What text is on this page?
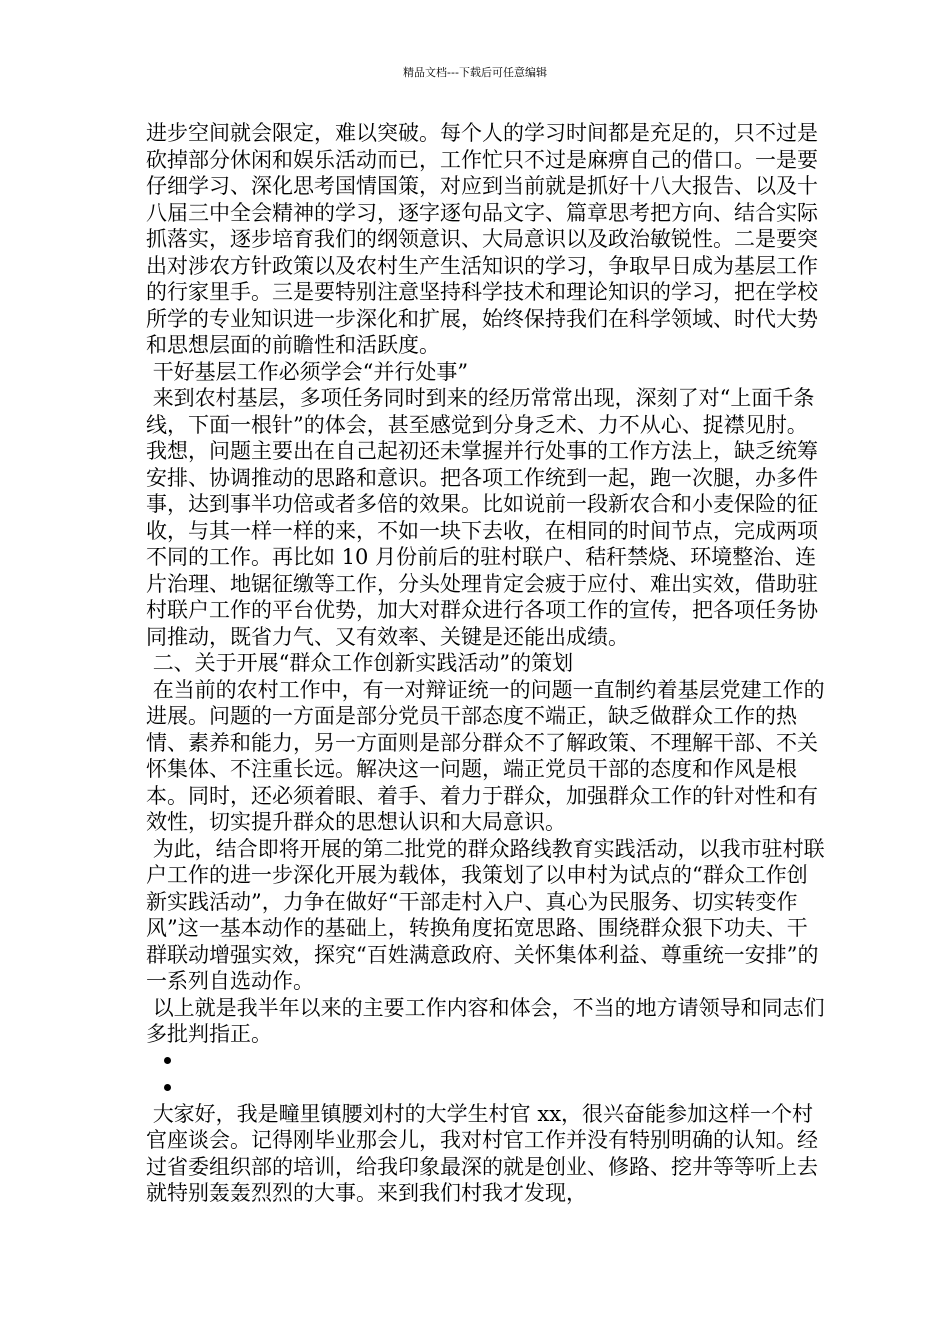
精品文档---下载后可任意编辑

进步空间就会限定，难以突破。每个人的学习时间都是充足的，只不过是砍掉部分休闲和娱乐活动而已，工作忙只不过是麻痹自己的借口。一是要仔细学习、深化思考国情国策，对应到当前就是抓好十八大报告、以及十八届三中全会精神的学习，逐字逐句品文字、篇章思考把方向、结合实际抓落实，逐步培育我们的纲领意识、大局意识以及政治敏锐性。二是要突出对涉农方针政策以及农村生产生活知识的学习，争取早日成为基层工作的行家里手。三是要特别注意坚持科学技术和理论知识的学习，把在学校所学的专业知识进一步深化和扩展，始终保持我们在科学领域、时代大势和思想层面的前瞻性和活跃度。

干好基层工作必须学会“并行处事”

来到农村基层，多项任务同时到来的经历常常出现，深刻了对“上面千条线，下面一根针”的体会，甚至感觉到分身乏术、力不从心、捉襟见肘。我想，问题主要出在自己起初还未掌握并行处事的工作方法上，缺乏统筹安排、协调推动的思路和意识。把各项工作统到一起，跑一次腿，办多件事，达到事半功倍或者多倍的效果。比如说前一段新农合和小麦保险的征收，与其一样一样的来，不如一块下去收，在相同的时间节点，完成两项不同的工作。再比如 10 月份前后的驻村联户、秸秆禁烧、环境整治、连片治理、地锯征缴等工作，分头处理肯定会疲于应付、难出实效，借助驻村联户工作的平台优势，加大对群众进行各项工作的宣传，把各项任务协同推动，既省力气、又有效率、关键是还能出成绩。

二、关于开展“群众工作创新实践活动”的策划

在当前的农村工作中，有一对辩证统一的问题一直制约着基层党建工作的进展。问题的一方面是部分党员干部态度不端正，缺乏做群众工作的热情、素养和能力，另一方面则是部分群众不了解政策、不理解干部、不关怀集体、不注重长远。解决这一问题，端正党员干部的态度和作风是根本。同时，还必须着眼、着手、着力于群众，加强群众工作的针对性和有效性，切实提升群众的思想认识和大局意识。

为此，结合即将开展的第二批党的群众路线教育实践活动，以我市驻村联户工作的进一步深化开展为载体，我策划了以申村为试点的“群众工作创新实践活动”，力争在做好“干部走村入户、真心为民服务、切实转变作风”这一基本动作的基础上，转换角度拓宽思路、围绕群众狠下功夫、干群联动增强实效，探究“百姓满意政府、关怀集体利益、尊重统一安排”的一系列自选动作。

以上就是我半年以来的主要工作内容和体会，不当的地方请领导和同志们多批判指正。

大家好，我是疃里镇腰刘村的大学生村官 xx，很兴奋能参加这样一个村官座谈会。记得刚毕业那会儿，我对村官工作并没有特别明确的认知。经过省委组织部的培训，给我印象最深的就是创业、修路、挖井等等听上去就特别轰轰烈烈的大事。来到我们村我才发现，
